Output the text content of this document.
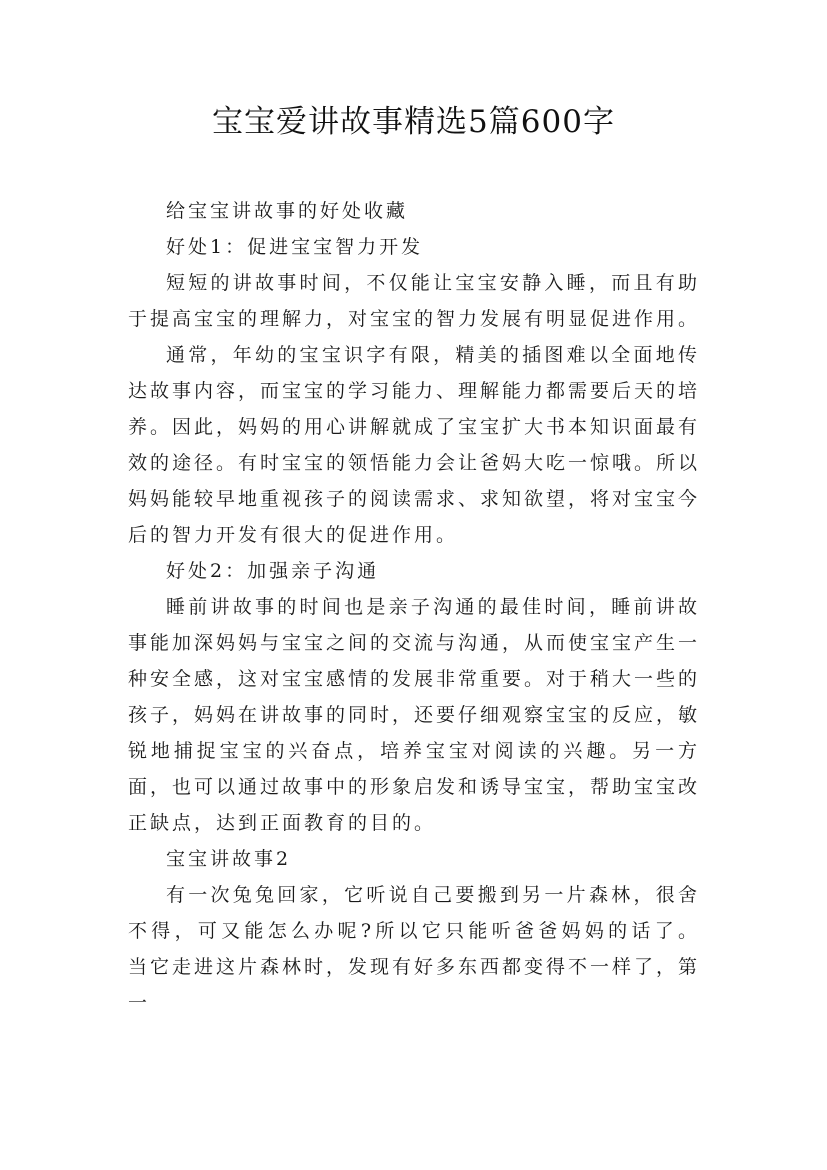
宝宝爱讲故事精选5篇600字

给宝宝讲故事的好处收藏

好处1：促进宝宝智力开发

短短的讲故事时间，不仅能让宝宝安静入睡，而且有助于提高宝宝的理解力，对宝宝的智力发展有明显促进作用。

通常，年幼的宝宝识字有限，精美的插图难以全面地传达故事内容，而宝宝的学习能力、理解能力都需要后天的培养。因此，妈妈的用心讲解就成了宝宝扩大书本知识面最有效的途径。有时宝宝的领悟能力会让爸妈大吃一惊哦。所以妈妈能较早地重视孩子的阅读需求、求知欲望，将对宝宝今后的智力开发有很大的促进作用。

好处2：加强亲子沟通

睡前讲故事的时间也是亲子沟通的最佳时间，睡前讲故事能加深妈妈与宝宝之间的交流与沟通，从而使宝宝产生一种安全感，这对宝宝感情的发展非常重要。对于稍大一些的孩子，妈妈在讲故事的同时，还要仔细观察宝宝的反应，敏锐地捕捉宝宝的兴奋点，培养宝宝对阅读的兴趣。另一方面，也可以通过故事中的形象启发和诱导宝宝，帮助宝宝改正缺点，达到正面教育的目的。

宝宝讲故事2

有一次兔兔回家，它听说自己要搬到另一片森林，很舍不得，可又能怎么办呢?所以它只能听爸爸妈妈的话了。 当它走进这片森林时，发现有好多东西都变得不一样了，第一
